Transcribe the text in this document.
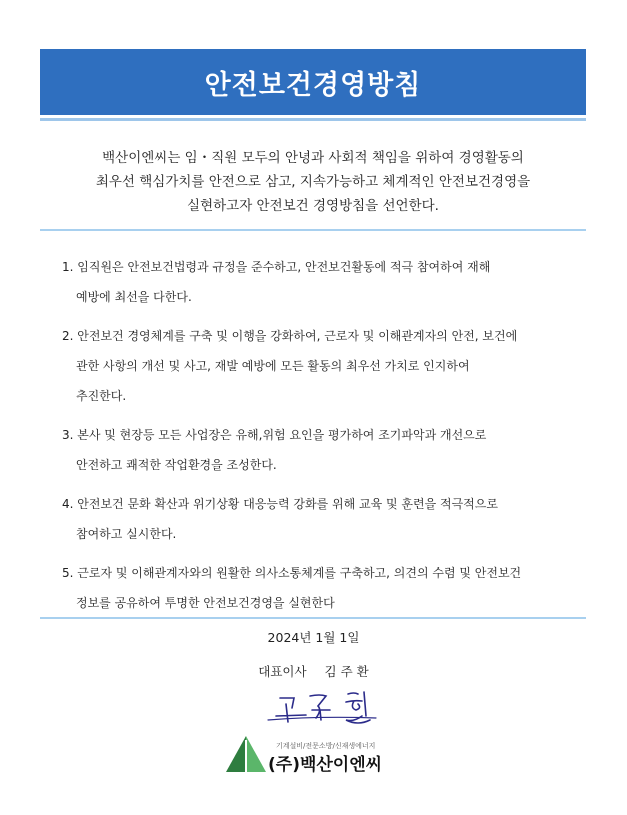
안전보건경영방침
백산이엔씨는 임・직원 모두의 안녕과 사회적 책임을 위하여 경영활동의
최우선 핵심가치를 안전으로 삼고, 지속가능하고 체계적인 안전보건경영을
실현하고자 안전보건 경영방침을 선언한다.
1. 임직원은 안전보건법령과 규정을 준수하고, 안전보건활동에 적극 참여하여 재해
예방에 최선을 다한다.
2. 안전보건 경영체계를 구축 및 이행을 강화하여, 근로자 및 이해관계자의 안전, 보건에
관한 사항의 개선 및 사고, 재발 예방에 모든 활동의 최우선 가치로 인지하여
추진한다.
3. 본사 및 현장등 모든 사업장은 유해,위험 요인을 평가하여 조기파악과 개선으로
안전하고 쾌적한 작업환경을 조성한다.
4. 안전보건 문화 확산과 위기상황 대응능력 강화를 위해 교육 및 훈련을 적극적으로
참여하고 실시한다.
5. 근로자 및 이해관계자와의 원활한 의사소통체계를 구축하고, 의견의 수렴 및 안전보건
정보를 공유하여 투명한 안전보건경영을 실현한다
2024년 1월 1일
대표이사 김 주 환
기계설비/전문소방/신재생에너지
(주)백산이엔씨
